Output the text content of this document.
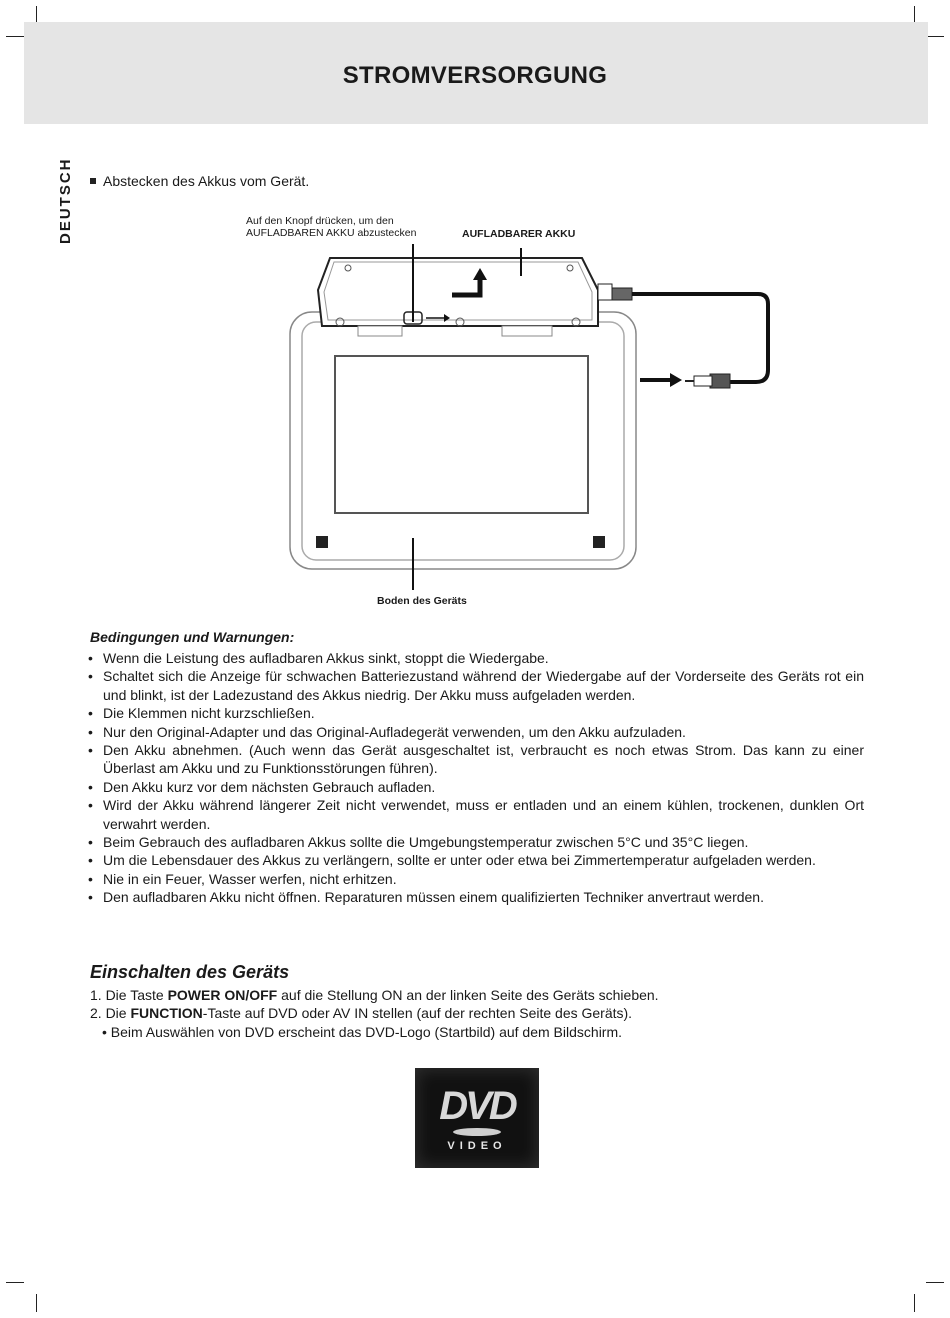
STROMVERSORGUNG
DEUTSCH	Abstecken des Akkus vom Gerät.
Auf den Knopf drücken, um den
AUFLADBAREN AKKU abzustecken	AUFLADBARER AKKU
Boden des Geräts
Bedingungen und Warnungen:
• Wenn die Leistung des aufladbaren Akkus sinkt, stoppt die Wiedergabe.
• Schaltet sich die Anzeige für schwachen Batteriezustand während der Wiedergabe auf der Vorderseite des Geräts rot ein und blinkt, ist der Ladezustand des Akkus niedrig. Der Akku muss aufgeladen werden.
• Die Klemmen nicht kurzschließen.
• Nur den Original-Adapter und das Original-Aufladegerät verwenden, um den Akku aufzuladen.
• Den Akku abnehmen. (Auch wenn das Gerät ausgeschaltet ist, verbraucht es noch etwas Strom. Das kann zu einer Überlast am Akku und zu Funktionsstörungen führen).
• Den Akku kurz vor dem nächsten Gebrauch aufladen.
• Wird der Akku während längerer Zeit nicht verwendet, muss er entladen und an einem kühlen, trockenen, dunklen Ort verwahrt werden.
• Beim Gebrauch des aufladbaren Akkus sollte die Umgebungstemperatur zwischen 5°C und 35°C liegen.
• Um die Lebensdauer des Akkus zu verlängern, sollte er unter oder etwa bei Zimmertemperatur aufgeladen werden.
• Nie in ein Feuer, Wasser werfen, nicht erhitzen.
• Den aufladbaren Akku nicht öffnen. Reparaturen müssen einem qualifizierten Techniker anvertraut werden.
Einschalten des Geräts
1. Die Taste POWER ON/OFF auf die Stellung ON an der linken Seite des Geräts schieben.
2. Die FUNCTION-Taste auf DVD oder AV IN stellen (auf der rechten Seite des Geräts).
• Beim Auswählen von DVD erscheint das DVD-Logo (Startbild) auf dem Bildschirm.
DVD
VIDEO
